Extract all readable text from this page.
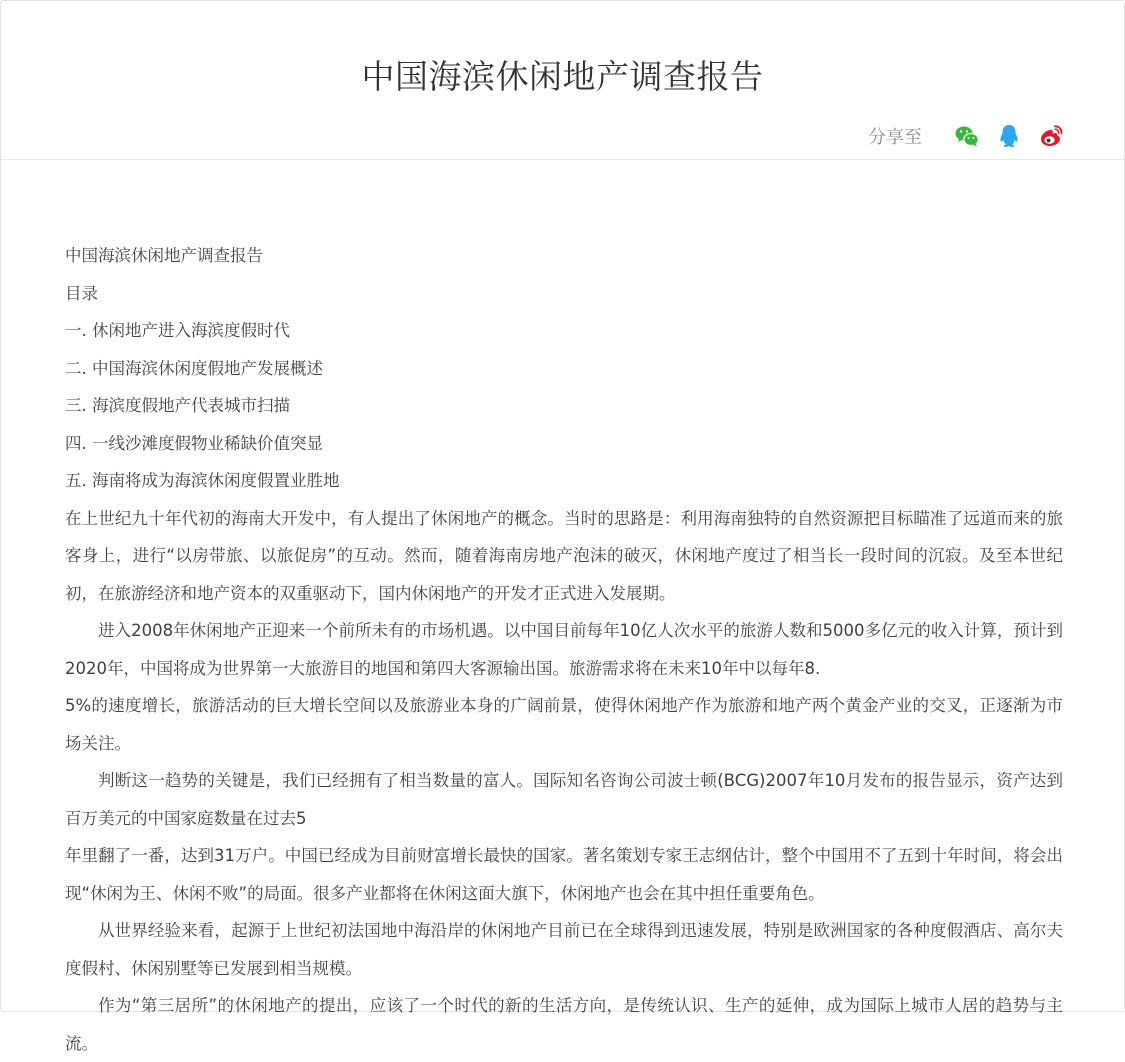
中国海滨休闲地产调查报告
分享至
中国海滨休闲地产调查报告
目录
一. 休闲地产进入海滨度假时代
二. 中国海滨休闲度假地产发展概述
三. 海滨度假地产代表城市扫描
四. 一线沙滩度假物业稀缺价值突显
五. 海南将成为海滨休闲度假置业胜地

在上世纪九十年代初的海南大开发中，有人提出了休闲地产的概念。当时的思路是：利用海南独特的自然资源把目标瞄准了远道而来的旅客身上，进行“以房带旅、以旅促房”的互动。然而，随着海南房地产泡沫的破灭，休闲地产度过了相当长一段时间的沉寂。及至本世纪初，在旅游经济和地产资本的双重驱动下，国内休闲地产的开发才正式进入发展期。

进入2008年休闲地产正迎来一个前所未有的市场机遇。以中国目前每年10亿人次水平的旅游人数和5000多亿元的收入计算，预计到2020年，中国将成为世界第一大旅游目的地国和第四大客源输出国。旅游需求将在未来10年中以每年8.

5%的速度增长，旅游活动的巨大增长空间以及旅游业本身的广阔前景，使得休闲地产作为旅游和地产两个黄金产业的交叉，正逐渐为市场关注。

判断这一趋势的关键是，我们已经拥有了相当数量的富人。国际知名咨询公司波士顿(BCG)2007年10月发布的报告显示，资产达到百万美元的中国家庭数量在过去5

年里翻了一番，达到31万户。中国已经成为目前财富增长最快的国家。著名策划专家王志纲估计，整个中国用不了五到十年时间，将会出现“休闲为王、休闲不败”的局面。很多产业都将在休闲这面大旗下，休闲地产也会在其中担任重要角色。

从世界经验来看，起源于上世纪初法国地中海沿岸的休闲地产目前已在全球得到迅速发展，特别是欧洲国家的各种度假酒店、高尔夫度假村、休闲别墅等已发展到相当规模。

作为“第三居所”的休闲地产的提出，应该了一个时代的新的生活方向，是传统认识、生产的延伸，成为国际上城市人居的趋势与主流。
